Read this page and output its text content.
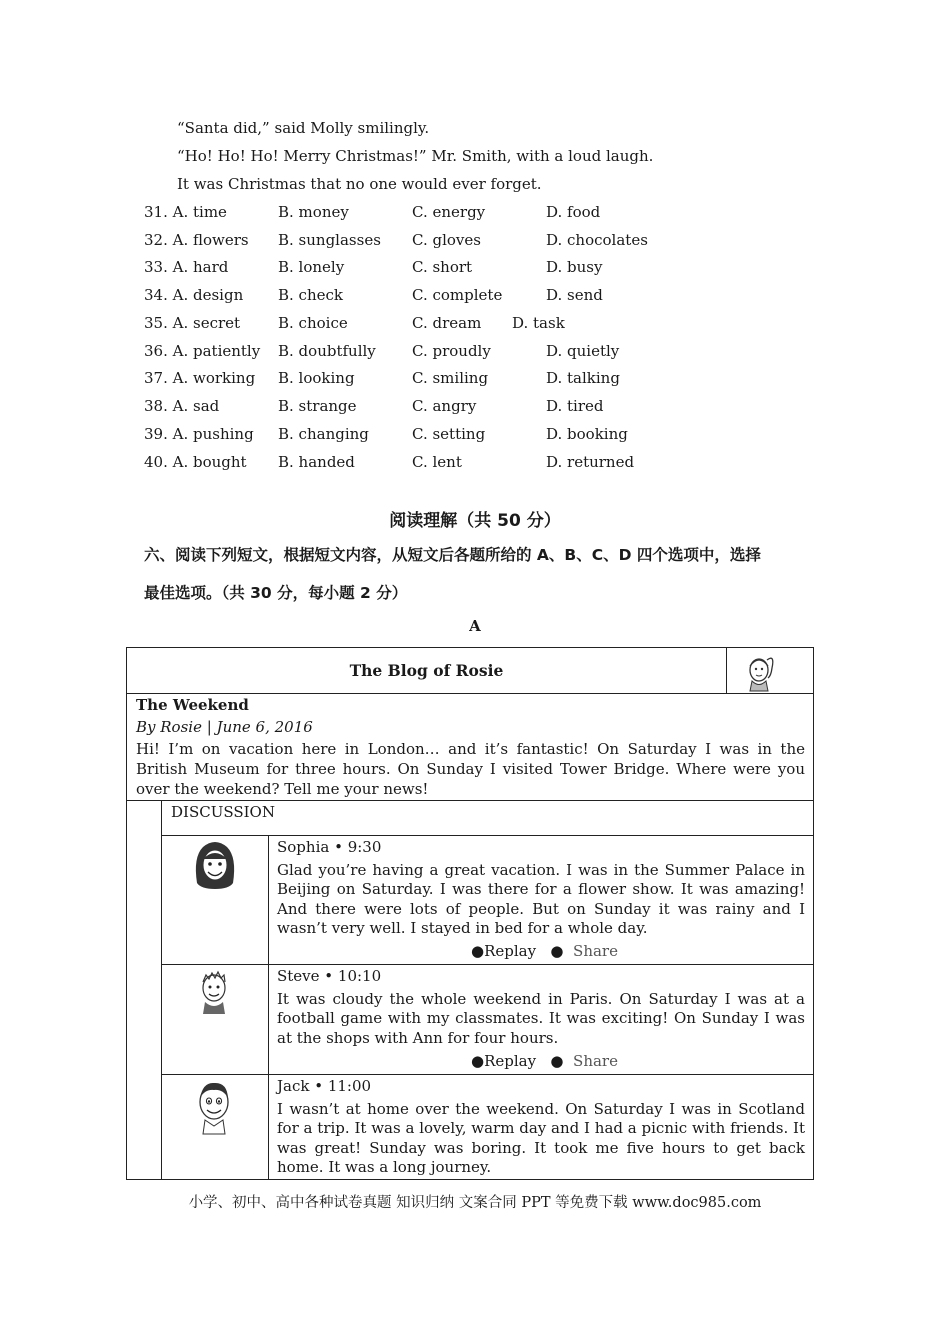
“Santa did,” said Molly smilingly.
“Ho! Ho! Ho! Merry Christmas!” Mr. Smith, with a loud laugh.
It was Christmas that no one would ever forget.
31. A. time	B. money	C. energy	D. food
32. A. flowers B. sunglasses C. gloves	D. chocolates
33. A. hard	B. lonely	C. short	D. busy
34. A. design B. check	C. complete	D. send
35. A. secret	B. choice	C. dream D. task
36. A. patiently B. doubtfully C. proudly	D. quietly
37. A. working B. looking	C. smiling	D. talking
38. A. sad	B. strange	C. angry	D. tired
39. A. pushing B. changing	C. setting	D. booking
40. A. bought B. handed	C. lent	D. returned
阅读理解（共 50 分）
六、阅读下列短文，根据短文内容，从短文后各题所给的 A、B、C、D 四个选项中，选择
最佳选项。（共 30 分，每小题 2 分）
A
The Blog of Rosie
The Weekend
By Rosie | June 6, 2016
Hi! I’m on vacation here in London… and it’s fantastic! On Saturday I was in the British Museum for three hours. On Sunday I visited Tower Bridge. Where were you over the weekend? Tell me your news!
DISCUSSION
Sophia • 9:30
Glad you’re having a great vacation. I was in the Summer Palace in Beijing on Saturday. I was there for a flower show. It was amazing! And there were lots of people. But on Sunday it was rainy and I wasn’t very well. I stayed in bed for a whole day.
●Replay ● Share
Steve • 10:10
It was cloudy the whole weekend in Paris. On Saturday I was at a football game with my classmates. It was exciting! On Sunday I was at the shops with Ann for four hours.
●Replay ● Share
Jack • 11:00
I wasn’t at home over the weekend. On Saturday I was in Scotland for a trip. It was a lovely, warm day and I had a picnic with friends. It was great! Sunday was boring. It took me five hours to get back home. It was a long journey.
小学、初中、高中各种试卷真题 知识归纳 文案合同 PPT 等免费下载 www.doc985.com
